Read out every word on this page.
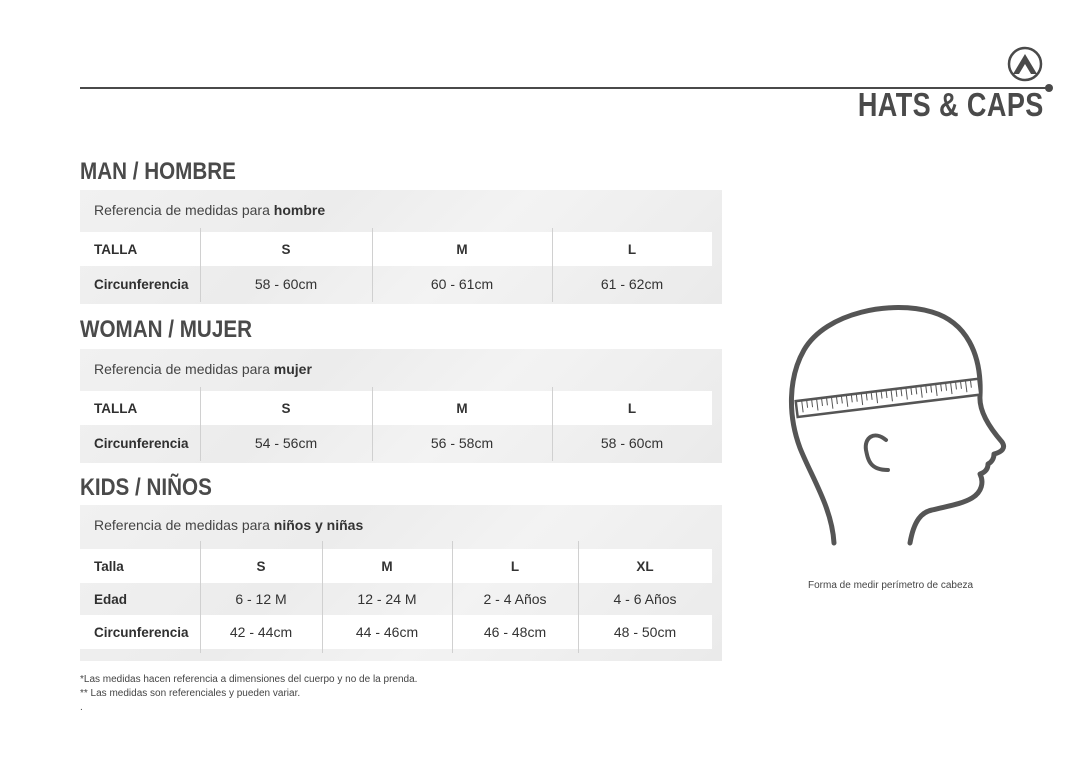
HATS & CAPS
MAN / HOMBRE
Referencia de medidas para hombre
TALLA	S	M	L
Circunferencia	58 - 60cm	60 - 61cm	61 - 62cm
WOMAN / MUJER
Referencia de medidas para mujer
TALLA	S	M	L
Circunferencia	54 - 56cm	56 - 58cm	58 - 60cm
KIDS / NIÑOS
Referencia de medidas para niños y niñas
Talla	S	M	L	XL
Edad	6 - 12 M	12 - 24 M	2 - 4 Años	4 - 6 Años
Circunferencia	42 - 44cm	44 - 46cm	46 - 48cm	48 - 50cm
*Las medidas hacen referencia a dimensiones del cuerpo y no de la prenda.
** Las medidas son referenciales y pueden variar.
.
Forma de medir perímetro de cabeza
